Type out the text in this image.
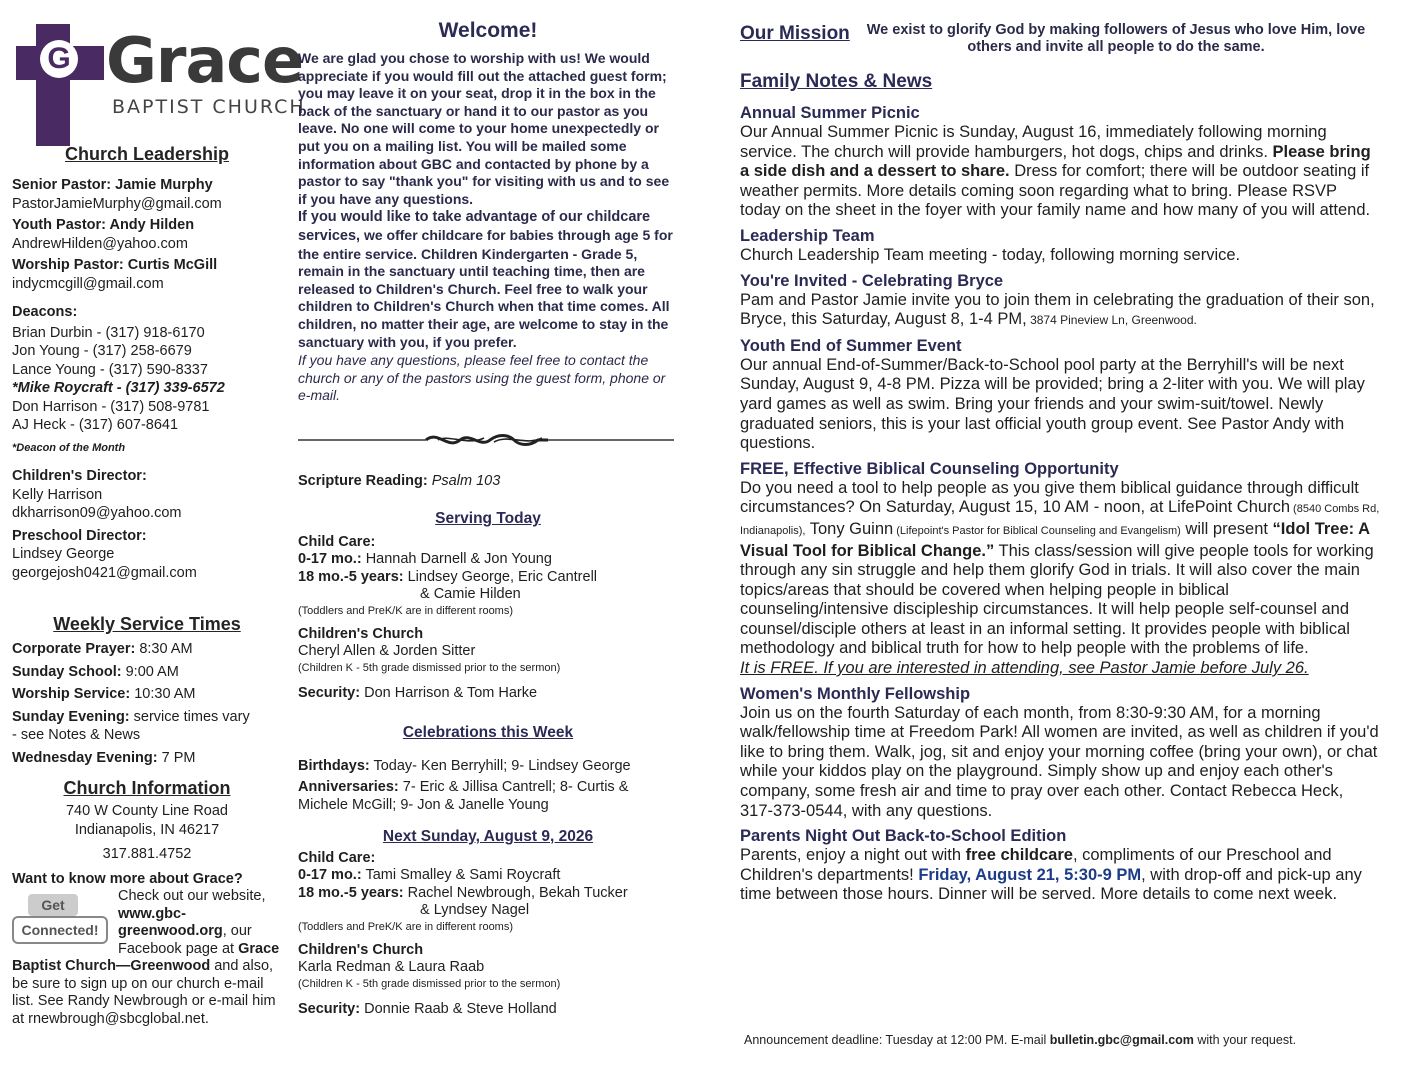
G Grace
BAPTIST CHURCH
Church Leadership
Senior Pastor: Jamie Murphy
PastorJamieMurphy@gmail.com
Youth Pastor: Andy Hilden
AndrewHilden@yahoo.com
Worship Pastor: Curtis McGill
indycmcgill@gmail.com
Deacons:
Brian Durbin - (317) 918-6170
Jon Young - (317) 258-6679
Lance Young - (317) 590-8337
*Mike Roycraft - (317) 339-6572
Don Harrison - (317) 508-9781
AJ Heck - (317) 607-8641
*Deacon of the Month
Children's Director:
Kelly Harrison
dkharrison09@yahoo.com
Preschool Director:
Lindsey George
georgejosh0421@gmail.com
Weekly Service Times
Corporate Prayer: 8:30 AM
Sunday School: 9:00 AM
Worship Service: 10:30 AM
Sunday Evening: service times vary - see Notes & News
Wednesday Evening: 7 PM
Church Information
740 W County Line Road
Indianapolis, IN 46217
317.881.4752
Want to know more about Grace?
Get
Connected!
Check out our website, www.gbc-greenwood.org, our Facebook page at Grace Baptist Church—Greenwood and also, be sure to sign up on our church e-mail list. See Randy Newbrough or e-mail him at rnewbrough@sbcglobal.net.
Welcome!
We are glad you chose to worship with us! We would appreciate if you would fill out the attached guest form; you may leave it on your seat, drop it in the box in the back of the sanctuary or hand it to our pastor as you leave. No one will come to your home unexpectedly or put you on a mailing list. You will be mailed some information about GBC and contacted by phone by a pastor to say "thank you" for visiting with us and to see if you have any questions.
If you would like to take advantage of our childcare services, we offer childcare for babies through age 5 for the entire service. Children Kindergarten - Grade 5, remain in the sanctuary until teaching time, then are released to Children's Church. Feel free to walk your children to Children's Church when that time comes. All children, no matter their age, are welcome to stay in the sanctuary with you, if you prefer.
If you have any questions, please feel free to contact the church or any of the pastors using the guest form, phone or e-mail.
Scripture Reading: Psalm 103
Serving Today
Child Care:
0-17 mo.: Hannah Darnell & Jon Young
18 mo.-5 years: Lindsey George, Eric Cantrell
& Camie Hilden
(Toddlers and PreK/K are in different rooms)
Children's Church
Cheryl Allen & Jorden Sitter
(Children K - 5th grade dismissed prior to the sermon)
Security: Don Harrison & Tom Harke
Celebrations this Week
Birthdays: Today- Ken Berryhill; 9- Lindsey George
Anniversaries: 7- Eric & Jillisa Cantrell; 8- Curtis & Michele McGill; 9- Jon & Janelle Young
Next Sunday, August 9, 2026
Child Care:
0-17 mo.: Tami Smalley & Sami Roycraft
18 mo.-5 years: Rachel Newbrough, Bekah Tucker
& Lyndsey Nagel
(Toddlers and PreK/K are in different rooms)
Children's Church
Karla Redman & Laura Raab
(Children K - 5th grade dismissed prior to the sermon)
Security: Donnie Raab & Steve Holland
Our Mission We exist to glorify God by making followers of Jesus who love Him, love others and invite all people to do the same.
Family Notes & News
Annual Summer Picnic
Our Annual Summer Picnic is Sunday, August 16, immediately following morning service. The church will provide hamburgers, hot dogs, chips and drinks. Please bring a side dish and a dessert to share. Dress for comfort; there will be outdoor seating if weather permits. More details coming soon regarding what to bring. Please RSVP today on the sheet in the foyer with your family name and how many of you will attend.
Leadership Team
Church Leadership Team meeting - today, following morning service.
You're Invited - Celebrating Bryce
Pam and Pastor Jamie invite you to join them in celebrating the graduation of their son, Bryce, this Saturday, August 8, 1-4 PM, 3874 Pineview Ln, Greenwood.
Youth End of Summer Event
Our annual End-of-Summer/Back-to-School pool party at the Berryhill's will be next Sunday, August 9, 4-8 PM. Pizza will be provided; bring a 2-liter with you. We will play yard games as well as swim. Bring your friends and your swim-suit/towel. Newly graduated seniors, this is your last official youth group event. See Pastor Andy with questions.
FREE, Effective Biblical Counseling Opportunity
Do you need a tool to help people as you give them biblical guidance through difficult circumstances? On Saturday, August 15, 10 AM - noon, at LifePoint Church (8540 Combs Rd, Indianapolis), Tony Guinn (Lifepoint's Pastor for Biblical Counseling and Evangelism) will present “Idol Tree: A Visual Tool for Biblical Change.” This class/session will give people tools for working through any sin struggle and help them glorify God in trials. It will also cover the main topics/areas that should be covered when helping people in biblical counseling/intensive discipleship circumstances. It will help people self-counsel and counsel/disciple others at least in an informal setting. It provides people with biblical methodology and biblical truth for how to help people with the problems of life.
It is FREE. If you are interested in attending, see Pastor Jamie before July 26.
Women's Monthly Fellowship
Join us on the fourth Saturday of each month, from 8:30-9:30 AM, for a morning walk/fellowship time at Freedom Park! All women are invited, as well as children if you'd like to bring them. Walk, jog, sit and enjoy your morning coffee (bring your own), or chat while your kiddos play on the playground. Simply show up and enjoy each other's company, some fresh air and time to pray over each other. Contact Rebecca Heck, 317-373-0544, with any questions.
Parents Night Out Back-to-School Edition
Parents, enjoy a night out with free childcare, compliments of our Preschool and Children's departments! Friday, August 21, 5:30-9 PM, with drop-off and pick-up any time between those hours. Dinner will be served. More details to come next week.
Announcement deadline: Tuesday at 12:00 PM. E-mail bulletin.gbc@gmail.com with your request.
